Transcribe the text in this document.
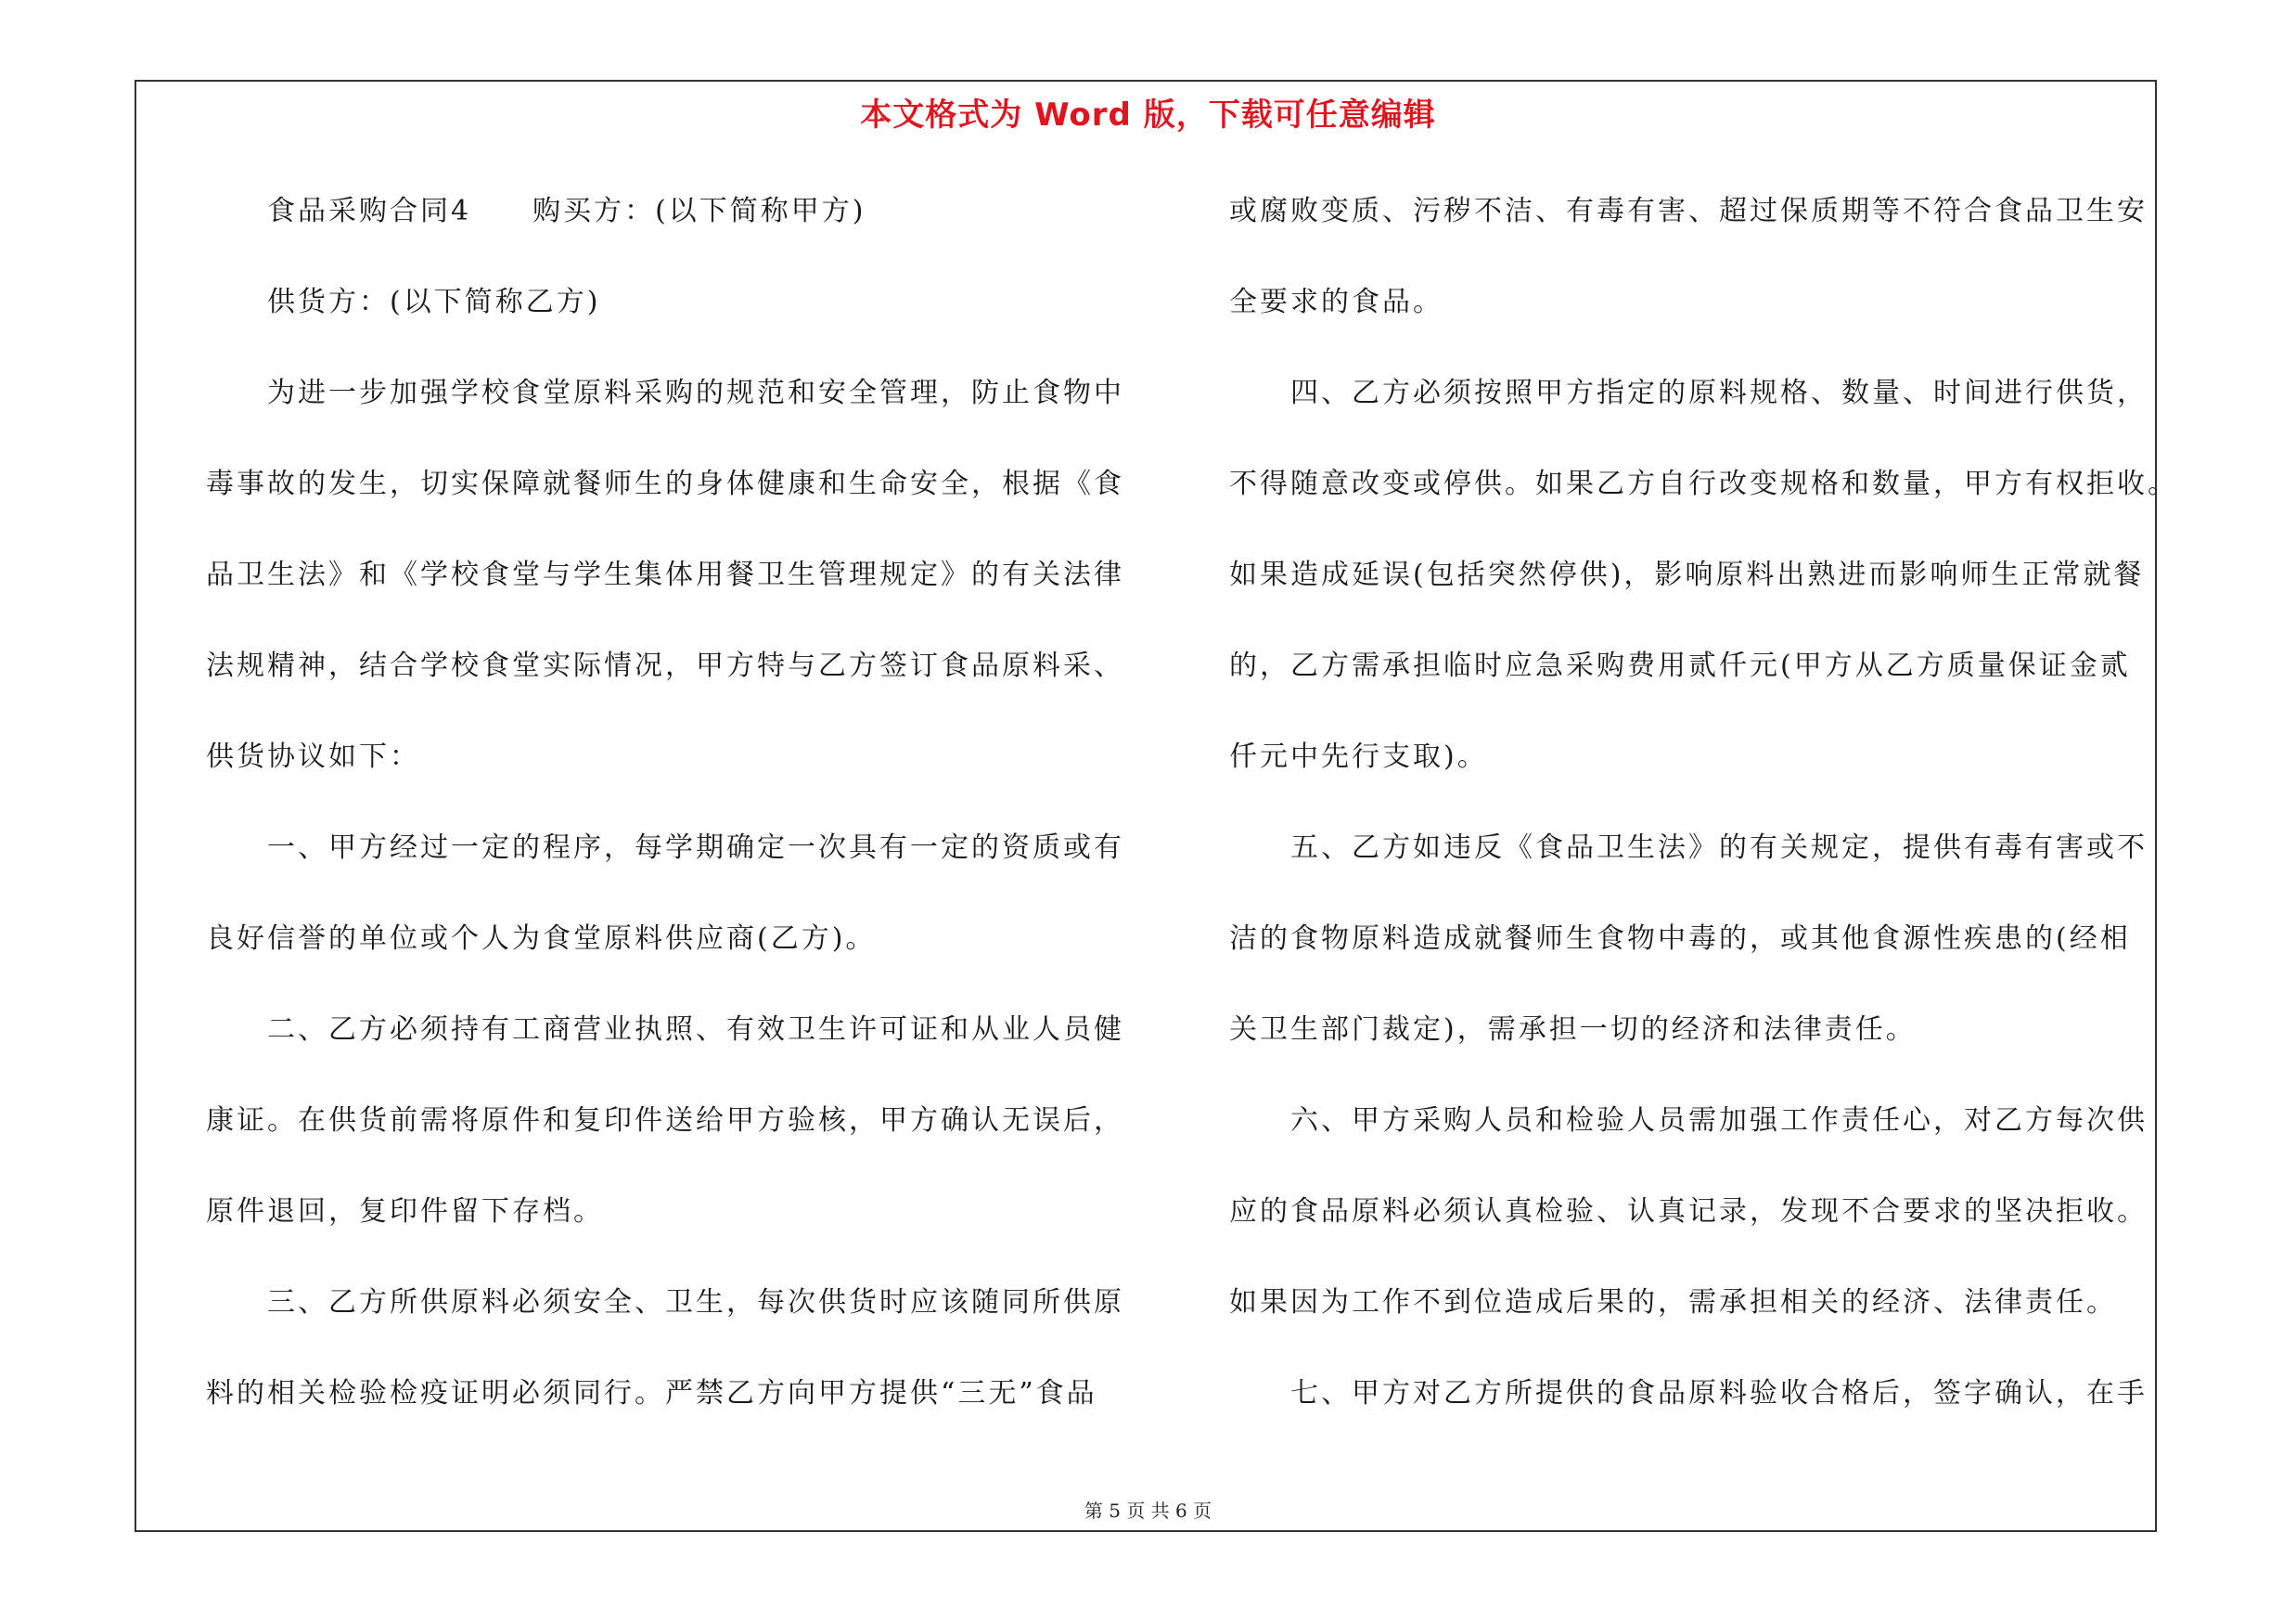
本文格式为 Word 版，下载可任意编辑
　　食品采购合同4　　购买方：(以下简称甲方)
　　供货方：(以下简称乙方)
　　为进一步加强学校食堂原料采购的规范和安全管理，防止食物中
毒事故的发生，切实保障就餐师生的身体健康和生命安全，根据《食
品卫生法》和《学校食堂与学生集体用餐卫生管理规定》的有关法律
法规精神，结合学校食堂实际情况，甲方特与乙方签订食品原料采、
供货协议如下：
　　一、甲方经过一定的程序，每学期确定一次具有一定的资质或有
良好信誉的单位或个人为食堂原料供应商(乙方)。
　　二、乙方必须持有工商营业执照、有效卫生许可证和从业人员健
康证。在供货前需将原件和复印件送给甲方验核，甲方确认无误后，
原件退回，复印件留下存档。
　　三、乙方所供原料必须安全、卫生，每次供货时应该随同所供原
料的相关检验检疫证明必须同行。严禁乙方向甲方提供“三无”食品
或腐败变质、污秽不洁、有毒有害、超过保质期等不符合食品卫生安
全要求的食品。
　　四、乙方必须按照甲方指定的原料规格、数量、时间进行供货，
不得随意改变或停供。如果乙方自行改变规格和数量，甲方有权拒收。
如果造成延误(包括突然停供)，影响原料出熟进而影响师生正常就餐
的，乙方需承担临时应急采购费用贰仟元(甲方从乙方质量保证金贰
仟元中先行支取)。
　　五、乙方如违反《食品卫生法》的有关规定，提供有毒有害或不
洁的食物原料造成就餐师生食物中毒的，或其他食源性疾患的(经相
关卫生部门裁定)，需承担一切的经济和法律责任。
　　六、甲方采购人员和检验人员需加强工作责任心，对乙方每次供
应的食品原料必须认真检验、认真记录，发现不合要求的坚决拒收。
如果因为工作不到位造成后果的，需承担相关的经济、法律责任。
　　七、甲方对乙方所提供的食品原料验收合格后，签字确认，在手
第 5 页 共 6 页
